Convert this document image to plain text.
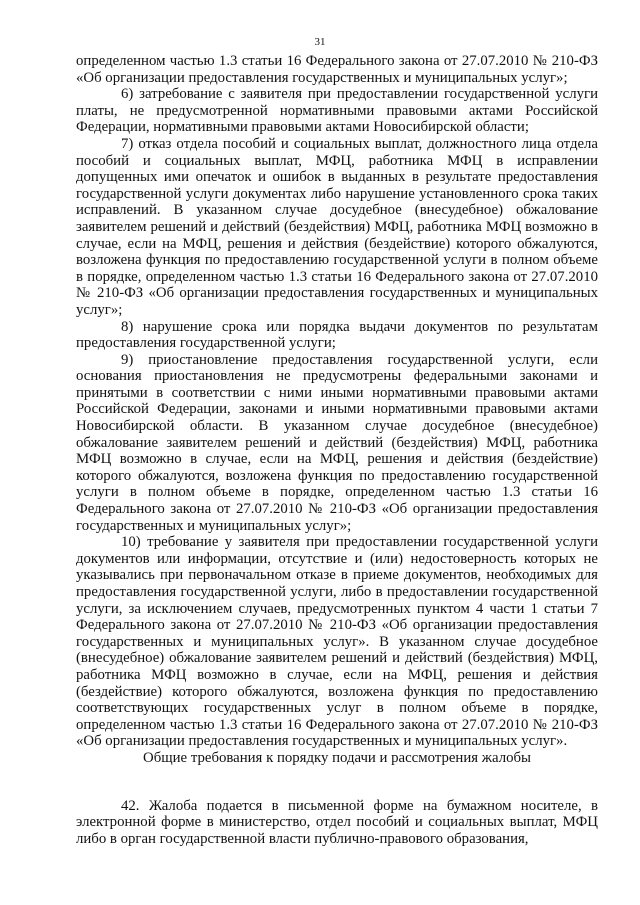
31

определенном частью 1.3 статьи 16 Федерального закона от 27.07.2010 № 210-ФЗ «Об организации предоставления государственных и муниципальных услуг»;

6) затребование с заявителя при предоставлении государственной услуги платы, не предусмотренной нормативными правовыми актами Российской Федерации, нормативными правовыми актами Новосибирской области;

7) отказ отдела пособий и социальных выплат, должностного лица отдела пособий и социальных выплат, МФЦ, работника МФЦ в исправлении допущенных ими опечаток и ошибок в выданных в результате предоставления государственной услуги документах либо нарушение установленного срока таких исправлений. В указанном случае досудебное (внесудебное) обжалование заявителем решений и действий (бездействия) МФЦ, работника МФЦ возможно в случае, если на МФЦ, решения и действия (бездействие) которого обжалуются, возложена функция по предоставлению государственной услуги в полном объеме в порядке, определенном частью 1.3 статьи 16 Федерального закона от 27.07.2010 № 210-ФЗ «Об организации предоставления государственных и муниципальных услуг»;

8) нарушение срока или порядка выдачи документов по результатам предоставления государственной услуги;

9) приостановление предоставления государственной услуги, если основания приостановления не предусмотрены федеральными законами и принятыми в соответствии с ними иными нормативными правовыми актами Российской Федерации, законами и иными нормативными правовыми актами Новосибирской области. В указанном случае досудебное (внесудебное) обжалование заявителем решений и действий (бездействия) МФЦ, работника МФЦ возможно в случае, если на МФЦ, решения и действия (бездействие) которого обжалуются, возложена функция по предоставлению государственной услуги в полном объеме в порядке, определенном частью 1.3 статьи 16 Федерального закона от 27.07.2010 № 210-ФЗ «Об организации предоставления государственных и муниципальных услуг»;

10) требование у заявителя при предоставлении государственной услуги документов или информации, отсутствие и (или) недостоверность которых не указывались при первоначальном отказе в приеме документов, необходимых для предоставления государственной услуги, либо в предоставлении государственной услуги, за исключением случаев, предусмотренных пунктом 4 части 1 статьи 7 Федерального закона от 27.07.2010 № 210-ФЗ «Об организации предоставления государственных и муниципальных услуг». В указанном случае досудебное (внесудебное) обжалование заявителем решений и действий (бездействия) МФЦ, работника МФЦ возможно в случае, если на МФЦ, решения и действия (бездействие) которого обжалуются, возложена функция по предоставлению соответствующих государственных услуг в полном объеме в порядке, определенном частью 1.3 статьи 16 Федерального закона от 27.07.2010 № 210-ФЗ «Об организации предоставления государственных и муниципальных услуг».

Общие требования к порядку подачи и рассмотрения жалобы

42. Жалоба подается в письменной форме на бумажном носителе, в электронной форме в министерство, отдел пособий и социальных выплат, МФЦ либо в орган государственной власти публично-правового образования,
